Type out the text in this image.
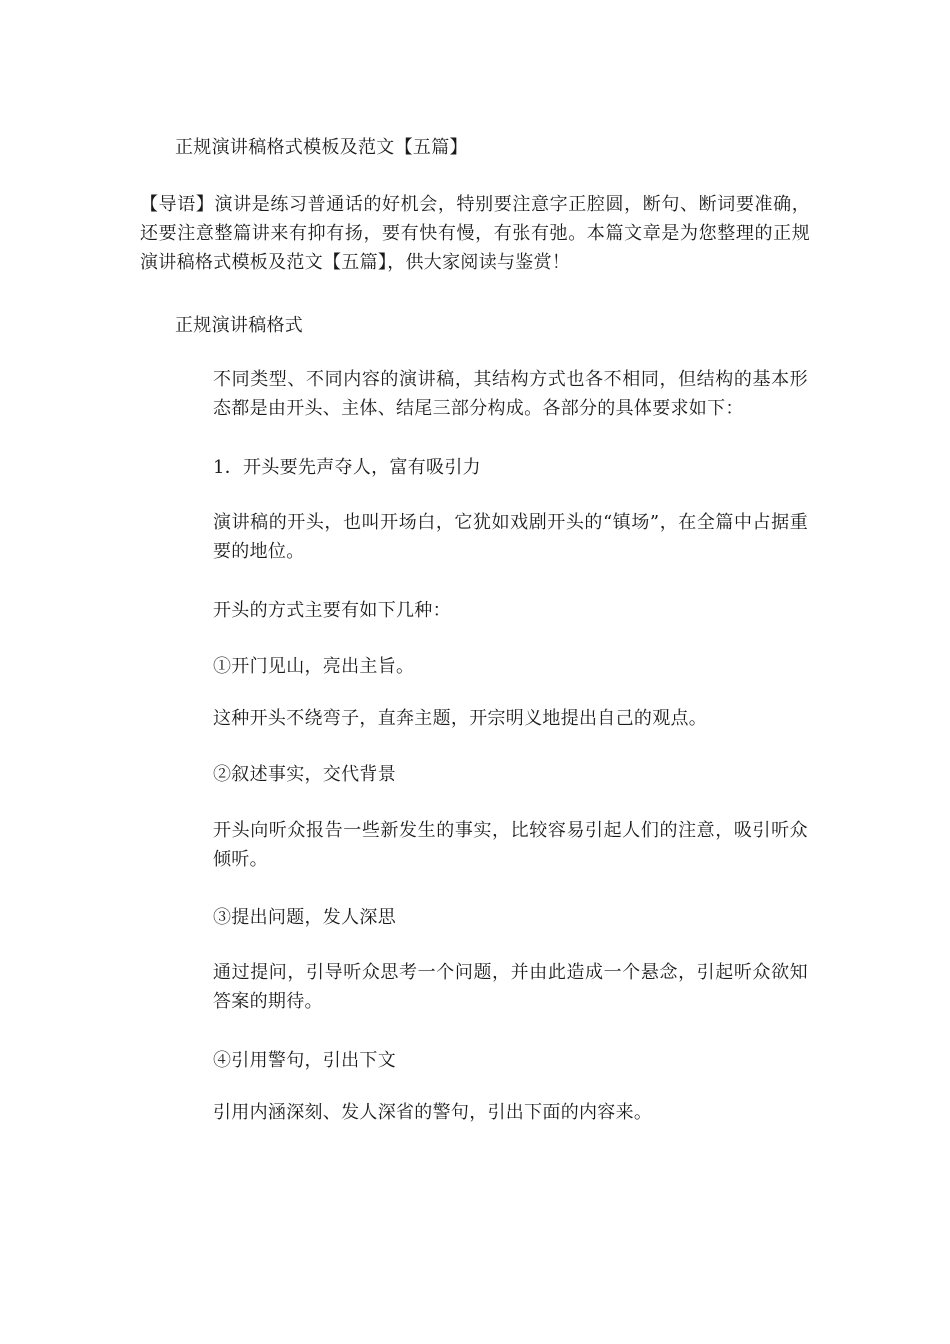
正规演讲稿格式模板及范文【五篇】
【导语】演讲是练习普通话的好机会，特别要注意字正腔圆，断句、断词要准确，还要注意整篇讲来有抑有扬，要有快有慢，有张有弛。本篇文章是为您整理的正规演讲稿格式模板及范文【五篇】，供大家阅读与鉴赏！
正规演讲稿格式
不同类型、不同内容的演讲稿，其结构方式也各不相同，但结构的基本形态都是由开头、主体、结尾三部分构成。各部分的具体要求如下：
1．开头要先声夺人，富有吸引力
演讲稿的开头，也叫开场白，它犹如戏剧开头的“镇场”，在全篇中占据重要的地位。
开头的方式主要有如下几种：
①开门见山，亮出主旨。
这种开头不绕弯子，直奔主题，开宗明义地提出自己的观点。
②叙述事实，交代背景
开头向听众报告一些新发生的事实，比较容易引起人们的注意，吸引听众倾听。
③提出问题，发人深思
通过提问，引导听众思考一个问题，并由此造成一个悬念，引起听众欲知答案的期待。
④引用警句，引出下文
引用内涵深刻、发人深省的警句，引出下面的内容来。
